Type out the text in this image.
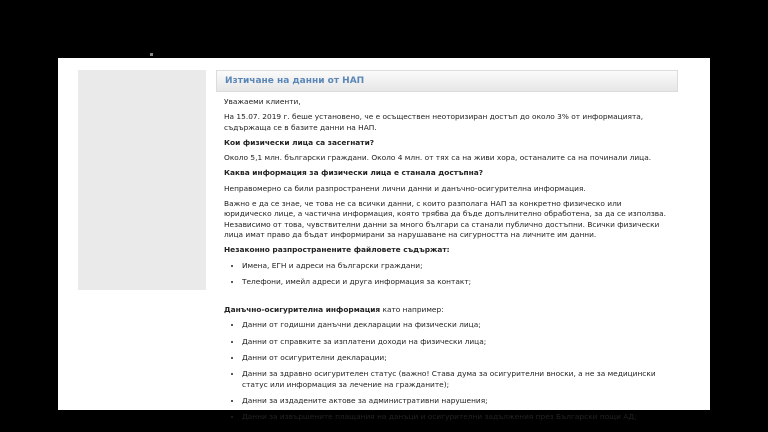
Изтичане на данни от НАП

Уважаеми клиенти,

На 15.07. 2019 г. беше установено, че е осъществен неоторизиран достъп до около 3% от информацията, съдържаща се в базите данни на НАП.

Кои физически лица са засегнати?

Около 5,1 млн. български граждани. Около 4 млн. от тях са на живи хора, останалите са на починали лица.

Каква информация за физически лица е станала достъпна?

Неправомерно са били разпространени лични данни и данъчно-осигурителна информация.

Важно е да се знае, че това не са всички данни, с които разполага НАП за конкретно физическо или юридическо лице, а частична информация, която трябва да бъде допълнително обработена, за да се използва. Независимо от това, чувствителни данни за много българи са станали публично достъпни. Всички физически лица имат право да бъдат информирани за нарушаване на сигурността на личните им данни.

Незаконно разпространените файловете съдържат:

• Имена, ЕГН и адреси на български граждани;
• Телефони, имейл адреси и друга информация за контакт;

Данъчно-осигурителна информация като например:

• Данни от годишни данъчни декларации на физически лица;
• Данни от справките за изплатени доходи на физически лица;
• Данни от осигурителни декларации;
• Данни за здравно осигурителен статус (важно! Става дума за осигурителни вноски, а не за медицински статус или информация за лечение на гражданите);
• Данни за издадените актове за административни нарушения;
• Данни за извършените плащания на данъци и осигурителни задължения през Български пощи АД;
